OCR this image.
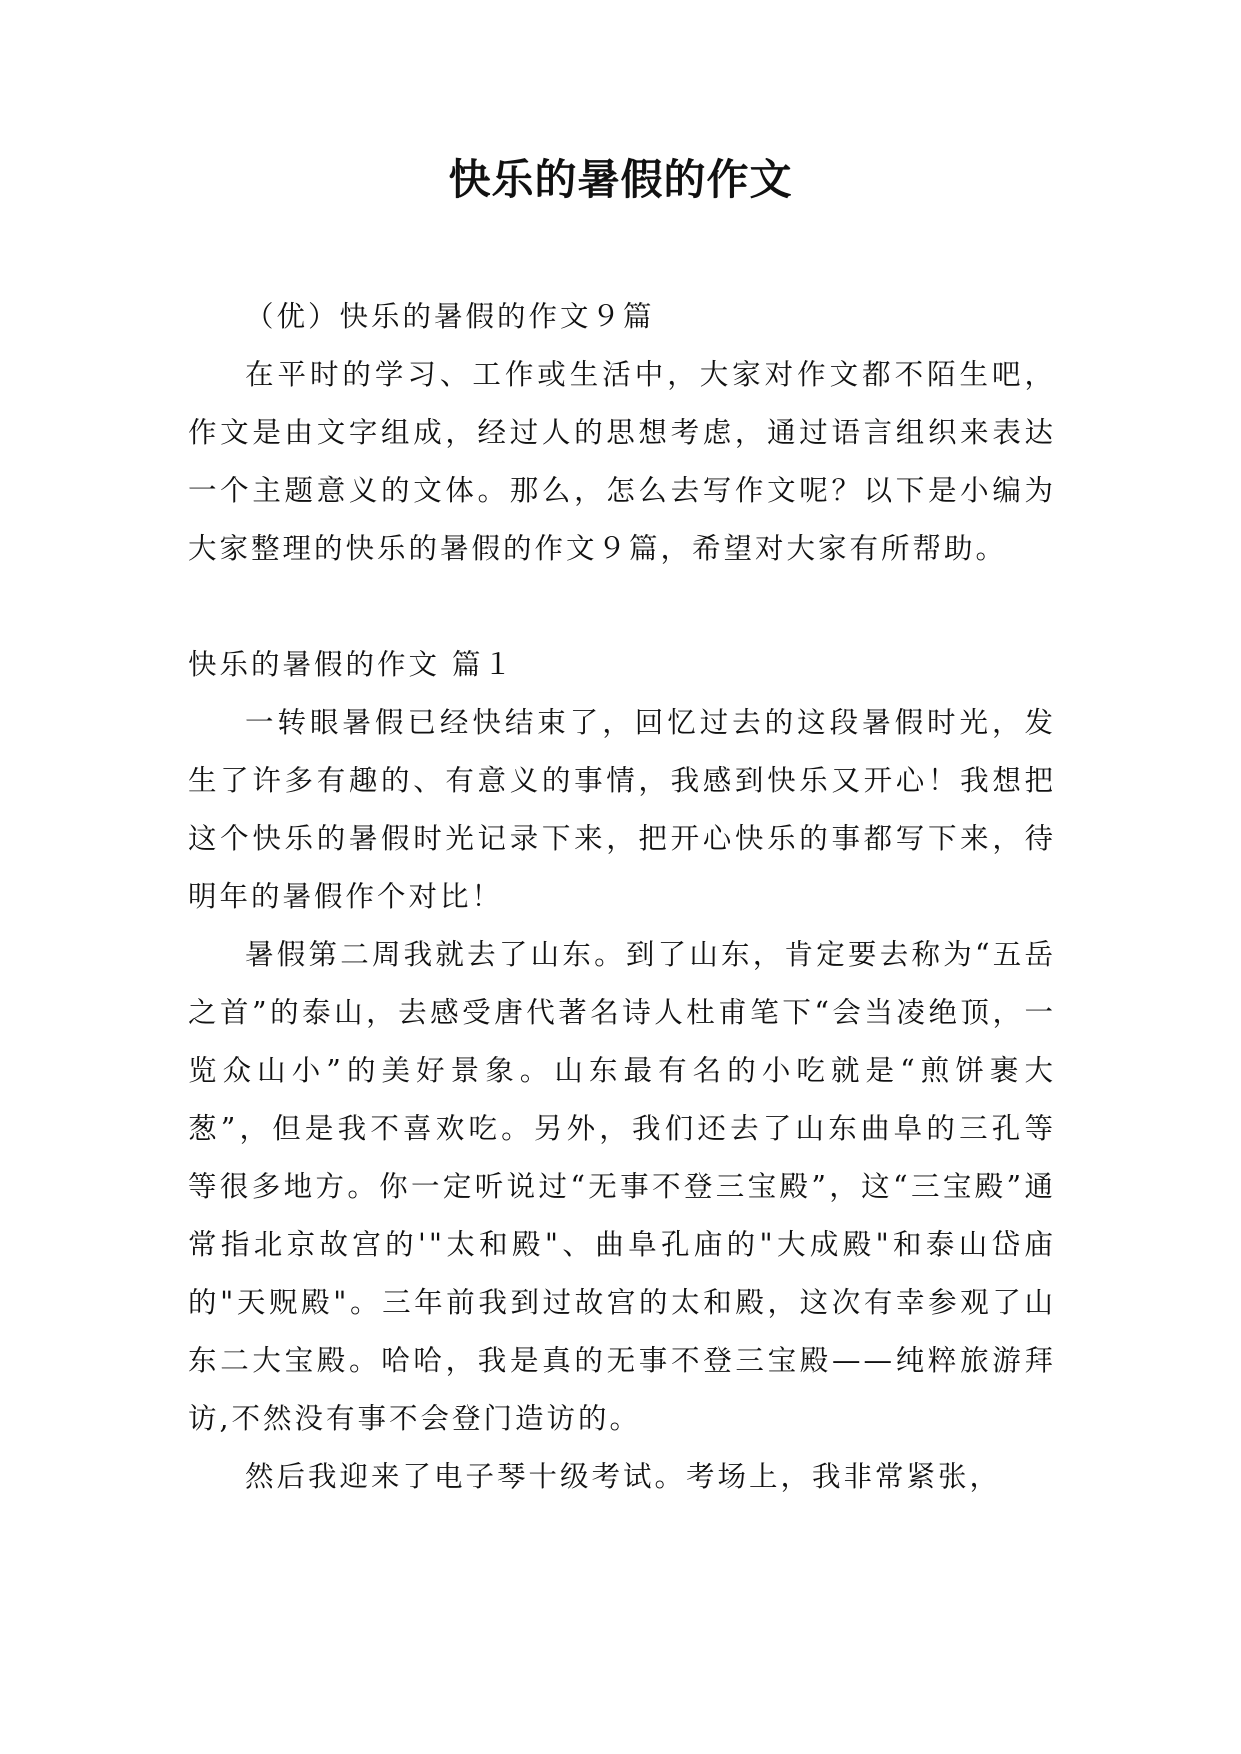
快乐的暑假的作文

（优）快乐的暑假的作文９篇

在平时的学习、工作或生活中，大家对作文都不陌生吧，作文是由文字组成，经过人的思想考虑，通过语言组织来表达一个主题意义的文体。那么，怎么去写作文呢？以下是小编为大家整理的快乐的暑假的作文９篇，希望对大家有所帮助。

快乐的暑假的作文 篇１

一转眼暑假已经快结束了，回忆过去的这段暑假时光，发生了许多有趣的、有意义的事情，我感到快乐又开心！我想把这个快乐的暑假时光记录下来，把开心快乐的事都写下来，待明年的暑假作个对比！

暑假第二周我就去了山东。到了山东，肯定要去称为“五岳之首”的泰山，去感受唐代著名诗人杜甫笔下“会当凌绝顶，一览众山小”的美好景象。山东最有名的小吃就是“煎饼裹大葱”，但是我不喜欢吃。另外，我们还去了山东曲阜的三孔等等很多地方。你一定听说过“无事不登三宝殿”，这“三宝殿”通常指北京故宫的'"太和殿"、曲阜孔庙的"大成殿"和泰山岱庙的"天贶殿"。三年前我到过故宫的太和殿，这次有幸参观了山东二大宝殿。哈哈，我是真的无事不登三宝殿——纯粹旅游拜访,不然没有事不会登门造访的。

然后我迎来了电子琴十级考试。考场上，我非常紧张，
